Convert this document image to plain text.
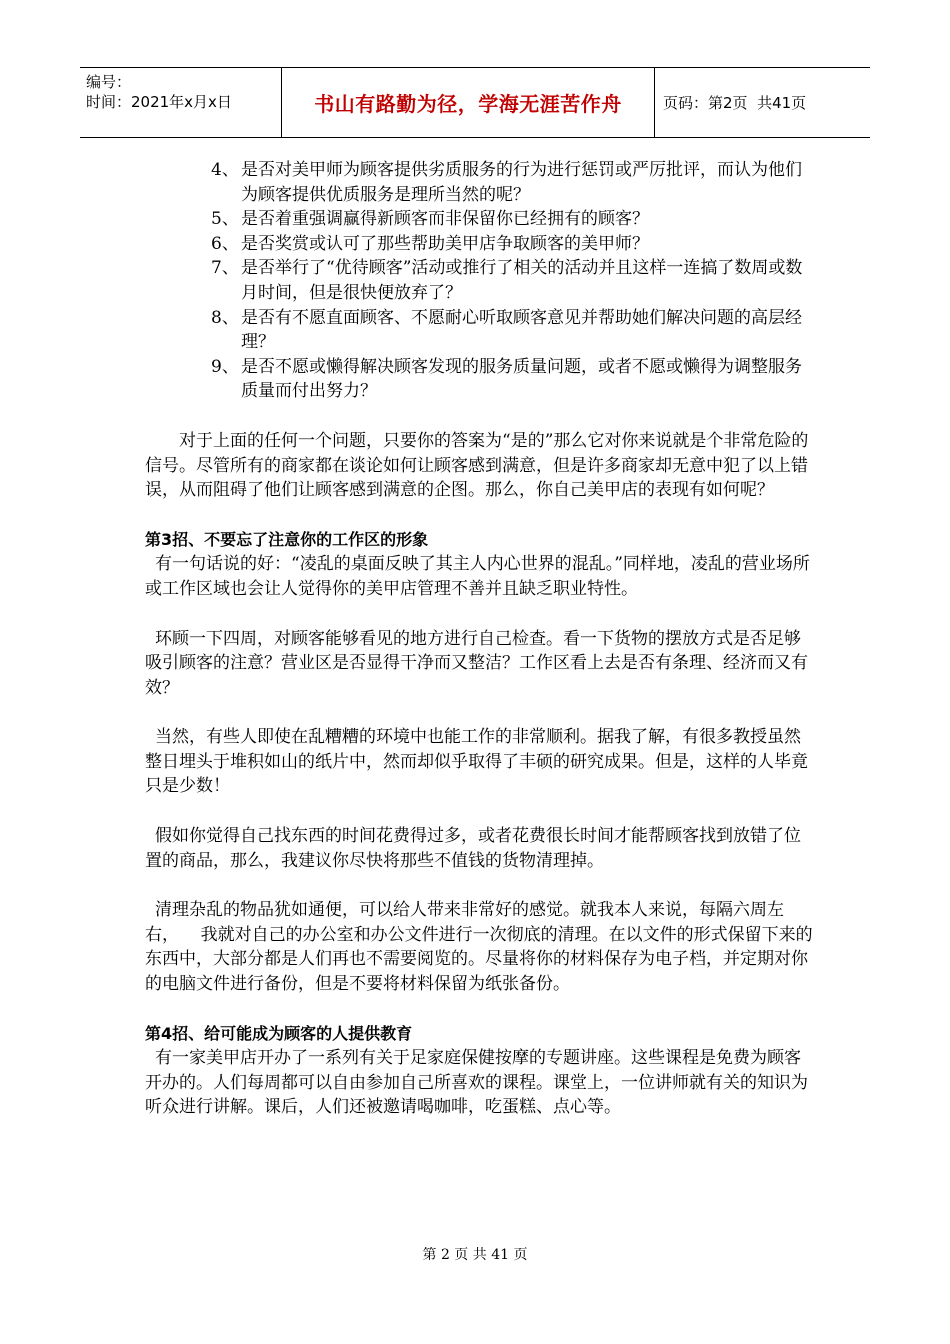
编号：
时间：2021年x月x日	书山有路勤为径，学海无涯苦作舟	页码：第2页  共41页
4、 是否对美甲师为顾客提供劣质服务的行为进行惩罚或严厉批评，而认为他们为顾客提供优质服务是理所当然的呢？
5、 是否着重强调赢得新顾客而非保留你已经拥有的顾客？
6、 是否奖赏或认可了那些帮助美甲店争取顾客的美甲师？
7、 是否举行了“优待顾客”活动或推行了相关的活动并且这样一连搞了数周或数月时间，但是很快便放弃了？
8、 是否有不愿直面顾客、不愿耐心听取顾客意见并帮助她们解决问题的高层经理？
9、 是否不愿或懒得解决顾客发现的服务质量问题，或者不愿或懒得为调整服务质量而付出努力？

对于上面的任何一个问题，只要你的答案为“是的”那么它对你来说就是个非常危险的信号。尽管所有的商家都在谈论如何让顾客感到满意，但是许多商家却无意中犯了以上错误，从而阻碍了他们让顾客感到满意的企图。那么，你自己美甲店的表现有如何呢？

第3招、不要忘了注意你的工作区的形象

有一句话说的好：“凌乱的桌面反映了其主人内心世界的混乱。”同样地，凌乱的营业场所或工作区域也会让人觉得你的美甲店管理不善并且缺乏职业特性。

环顾一下四周，对顾客能够看见的地方进行自己检查。看一下货物的摆放方式是否足够吸引顾客的注意？营业区是否显得干净而又整洁？工作区看上去是否有条理、经济而又有效？

当然，有些人即使在乱糟糟的环境中也能工作的非常顺利。据我了解，有很多教授虽然整日埋头于堆积如山的纸片中，然而却似乎取得了丰硕的研究成果。但是，这样的人毕竟只是少数！

假如你觉得自己找东西的时间花费得过多，或者花费很长时间才能帮顾客找到放错了位置的商品，那么，我建议你尽快将那些不值钱的货物清理掉。

清理杂乱的物品犹如通便，可以给人带来非常好的感觉。就我本人来说，每隔六周左右，    我就对自己的办公室和办公文件进行一次彻底的清理。在以文件的形式保留下来的东西中，大部分都是人们再也不需要阅览的。尽量将你的材料保存为电子档，并定期对你的电脑文件进行备份，但是不要将材料保留为纸张备份。

第4招、给可能成为顾客的人提供教育

有一家美甲店开办了一系列有关于足家庭保健按摩的专题讲座。这些课程是免费为顾客开办的。人们每周都可以自由参加自己所喜欢的课程。课堂上，一位讲师就有关的知识为听众进行讲解。课后，人们还被邀请喝咖啡，吃蛋糕、点心等。

第 2 页 共 41 页
